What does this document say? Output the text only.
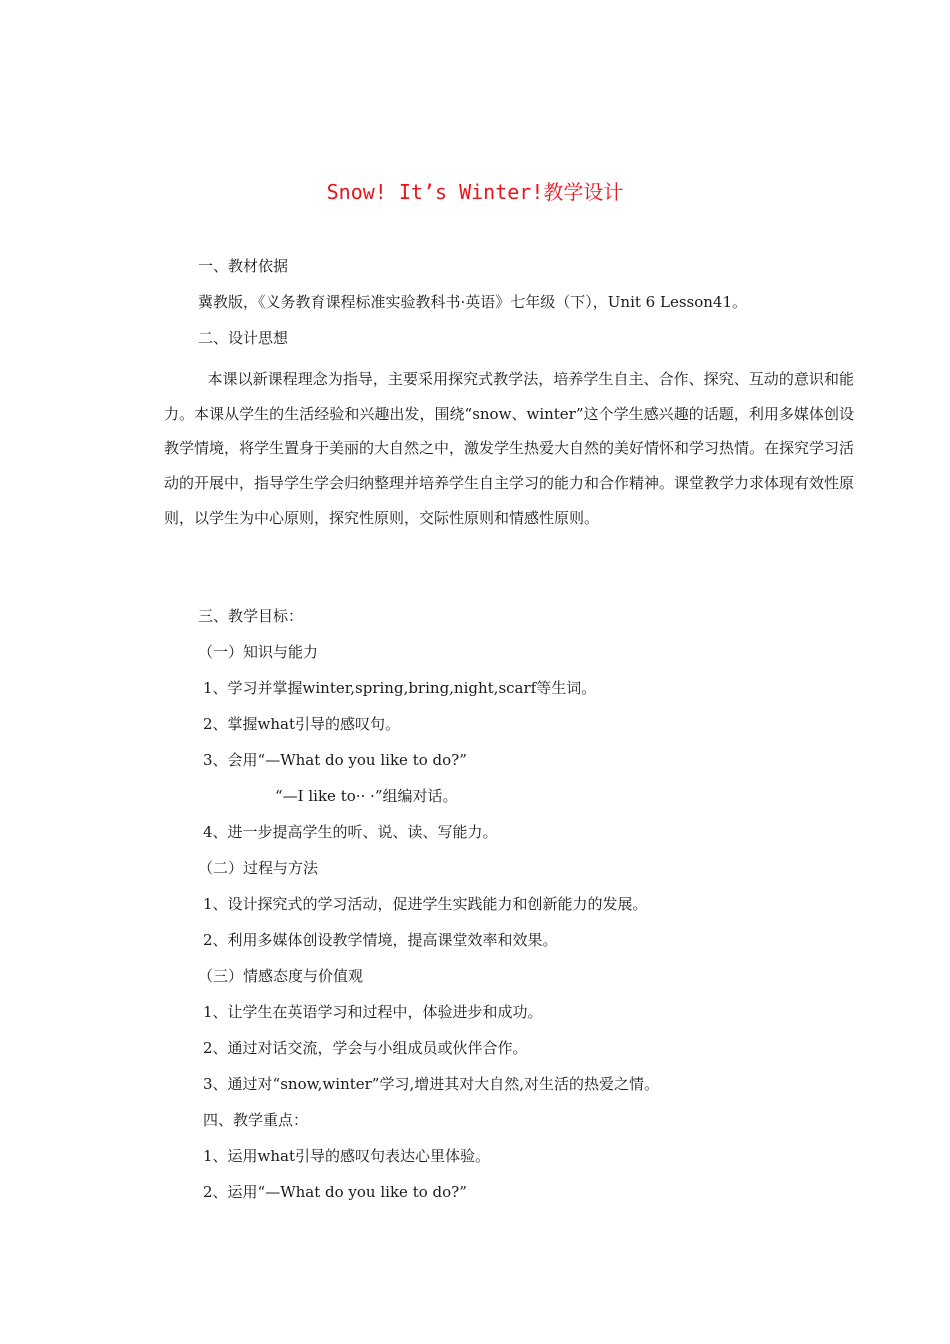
Snow! It’s Winter!教学设计
一、教材依据
冀教版，《义务教育课程标准实验教科书·英语》七年级（下），Unit 6 Lesson41。
二、设计思想

本课以新课程理念为指导，主要采用探究式教学法，培养学生自主、合作、探究、互动的意识和能力。本课从学生的生活经验和兴趣出发，围绕“snow、winter”这个学生感兴趣的话题，利用多媒体创设教学情境，将学生置身于美丽的大自然之中，激发学生热爱大自然的美好情怀和学习热情。在探究学习活动的开展中，指导学生学会归纳整理并培养学生自主学习的能力和合作精神。课堂教学力求体现有效性原则，以学生为中心原则，探究性原则，交际性原则和情感性原则。

三、教学目标：
（一）知识与能力
1、学习并掌握winter,spring,bring,night,scarf等生词。
2、掌握what引导的感叹句。
3、会用“—What do you like to do?”
“—I like to·· ·”组编对话。
4、进一步提高学生的听、说、读、写能力。
（二）过程与方法
1、设计探究式的学习活动，促进学生实践能力和创新能力的发展。
2、利用多媒体创设教学情境，提高课堂效率和效果。
（三）情感态度与价值观
1、让学生在英语学习和过程中，体验进步和成功。
2、通过对话交流，学会与小组成员或伙伴合作。
3、通过对“snow,winter”学习,增进其对大自然,对生活的热爱之情。
四、教学重点：
1、运用what引导的感叹句表达心里体验。
2、运用“—What do you like to do?”
